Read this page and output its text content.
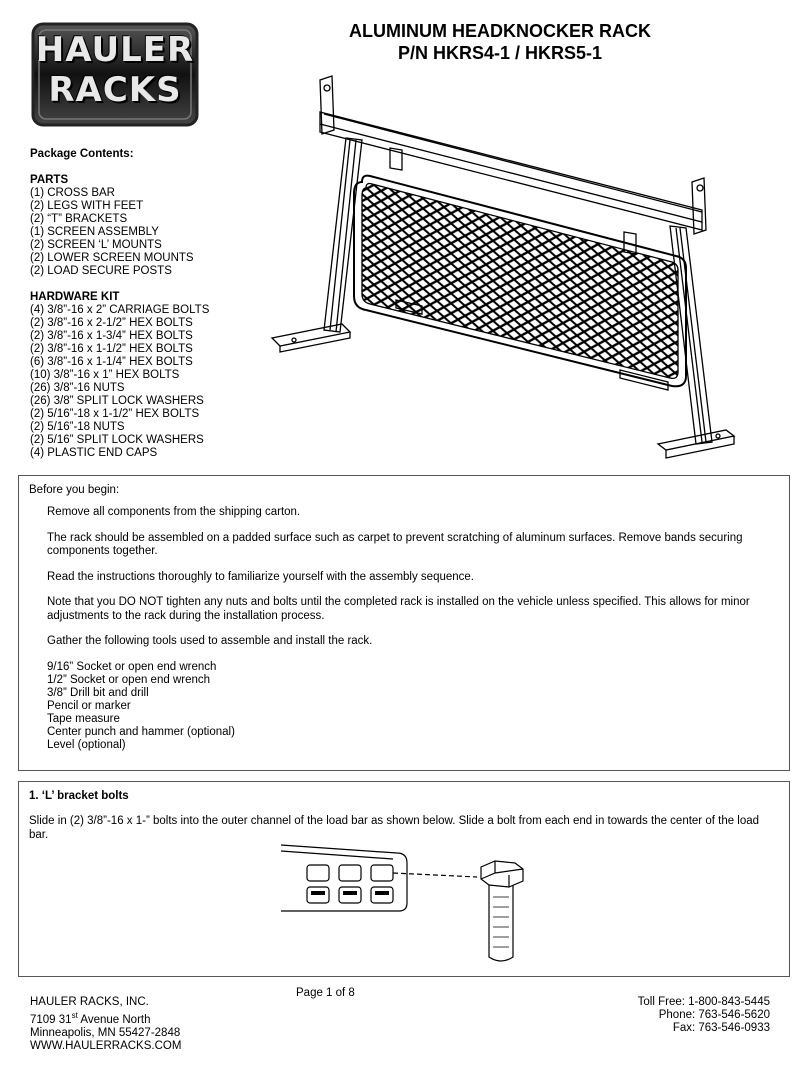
HAULER
RACKS
ALUMINUM HEADKNOCKER RACK
P/N HKRS4-1 / HKRS5-1
Package Contents:
PARTS
(1) CROSS BAR
(2) LEGS WITH FEET
(2) “T” BRACKETS
(1) SCREEN ASSEMBLY
(2) SCREEN ‘L’ MOUNTS
(2) LOWER SCREEN MOUNTS
(2) LOAD SECURE POSTS
HARDWARE KIT
(4) 3/8”-16 x 2” CARRIAGE BOLTS
(2) 3/8”-16 x 2-1/2” HEX BOLTS
(2) 3/8”-16 x 1-3/4” HEX BOLTS
(2) 3/8”-16 x 1-1/2” HEX BOLTS
(6) 3/8”-16 x 1-1/4” HEX BOLTS
(10) 3/8”-16 x 1” HEX BOLTS
(26) 3/8”-16 NUTS
(26) 3/8” SPLIT LOCK WASHERS
(2) 5/16”-18 x 1-1/2” HEX BOLTS
(2) 5/16”-18 NUTS
(2) 5/16” SPLIT LOCK WASHERS
(4) PLASTIC END CAPS
Before you begin:

Remove all components from the shipping carton.

The rack should be assembled on a padded surface such as carpet to prevent scratching of aluminum surfaces. Remove bands securing components together.

Read the instructions thoroughly to familiarize yourself with the assembly sequence.

Note that you DO NOT tighten any nuts and bolts until the completed rack is installed on the vehicle unless specified. This allows for minor adjustments to the rack during the installation process.

Gather the following tools used to assemble and install the rack.

9/16” Socket or open end wrench
1/2” Socket or open end wrench
3/8” Drill bit and drill
Pencil or marker
Tape measure
Center punch and hammer (optional)
Level (optional)
1. ‘L’ bracket bolts
Slide in (2) 3/8”-16 x 1-” bolts into the outer channel of the load bar as shown below. Slide a bolt from each end in towards the center of the load bar.
Page 1 of 8
HAULER RACKS, INC.
7109 31st Avenue North
Minneapolis, MN 55427-2848
WWW.HAULERRACKS.COM
Toll Free: 1-800-843-5445
Phone: 763-546-5620
Fax: 763-546-0933
